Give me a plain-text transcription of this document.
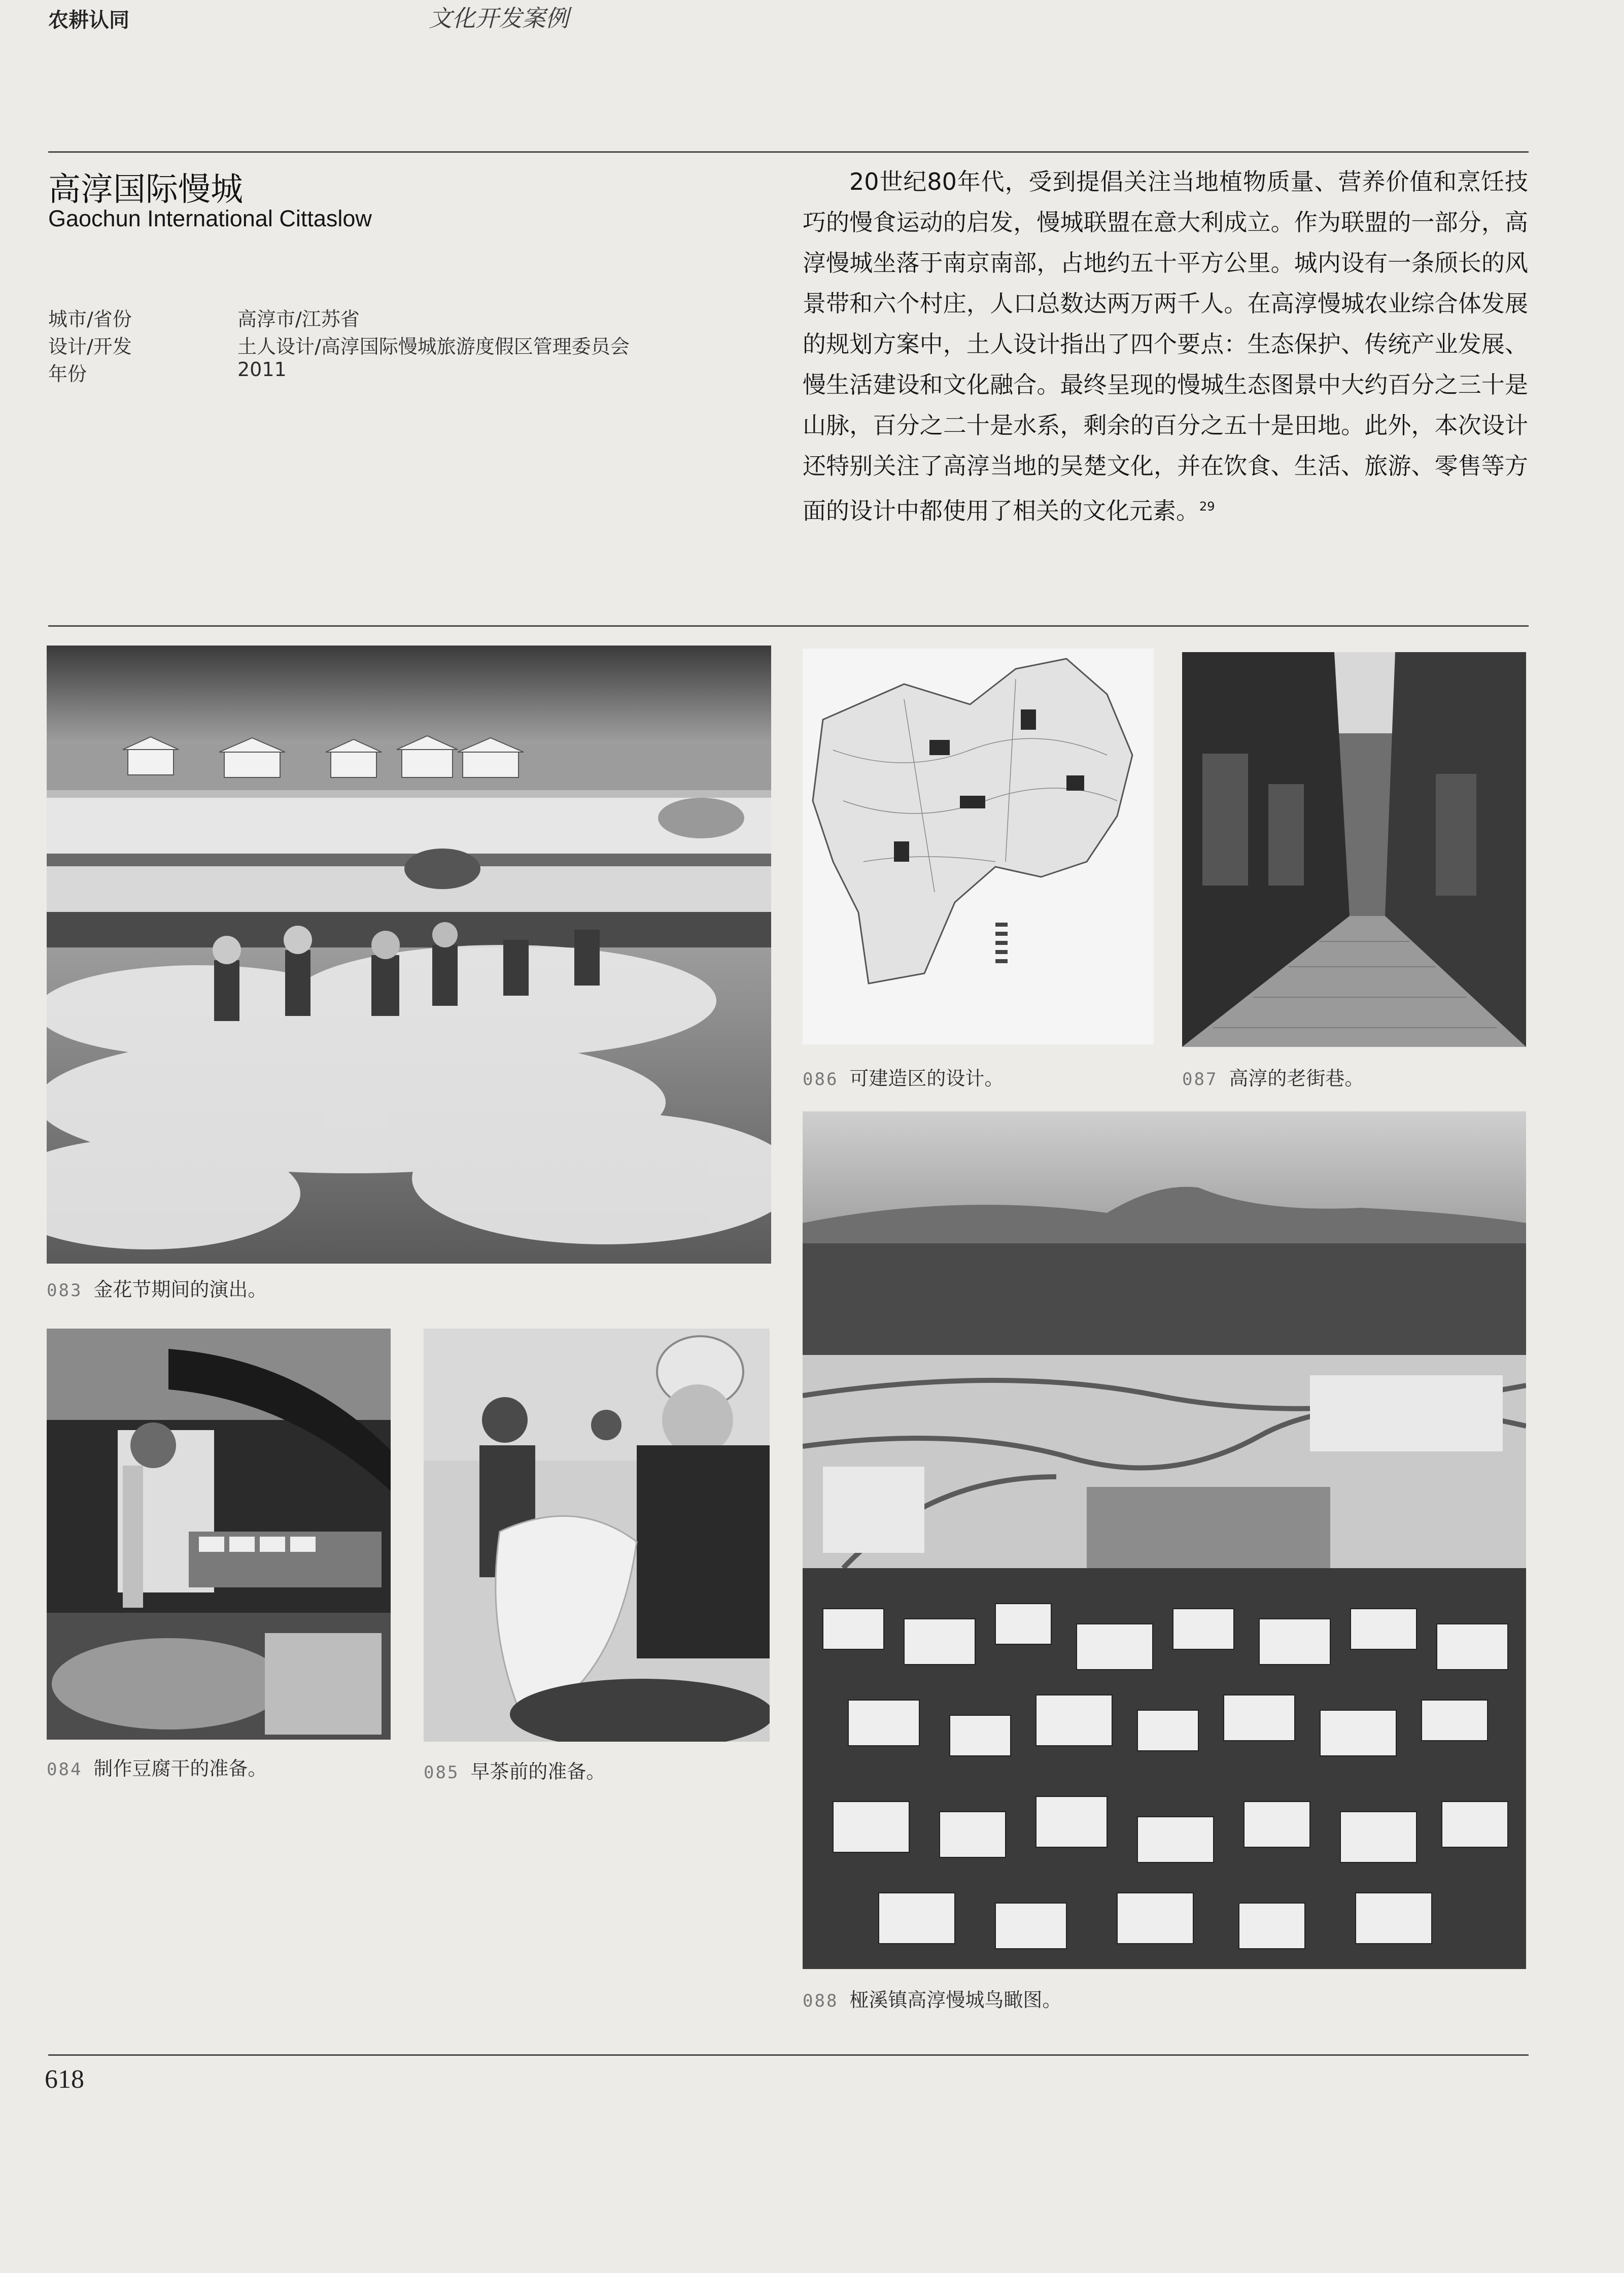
农耕认同	文化开发案例
高淳国际慢城
Gaochun International Cittaslow
城市/省份	高淳市/江苏省
设计/开发	土人设计/高淳国际慢城旅游度假区管理委员会
年份	2011
20世纪80年代，受到提倡关注当地植物质量、营养价值和烹饪技巧的慢食运动的启发，慢城联盟在意大利成立。作为联盟的一部分，高淳慢城坐落于南京南部，占地约五十平方公里。城内设有一条颀长的风景带和六个村庄，人口总数达两万两千人。在高淳慢城农业综合体发展的规划方案中，土人设计指出了四个要点：生态保护、传统产业发展、慢生活建设和文化融合。最终呈现的慢城生态图景中大约百分之三十是山脉，百分之二十是水系，剩余的百分之五十是田地。此外，本次设计还特别关注了高淳当地的吴楚文化，并在饮食、生活、旅游、零售等方面的设计中都使用了相关的文化元素。$^{29}$
083 金花节期间的演出。
084 制作豆腐干的准备。	085 早茶前的准备。
086 可建造区的设计。	087 高淳的老街巷。
088 桠溪镇高淳慢城鸟瞰图。
618
